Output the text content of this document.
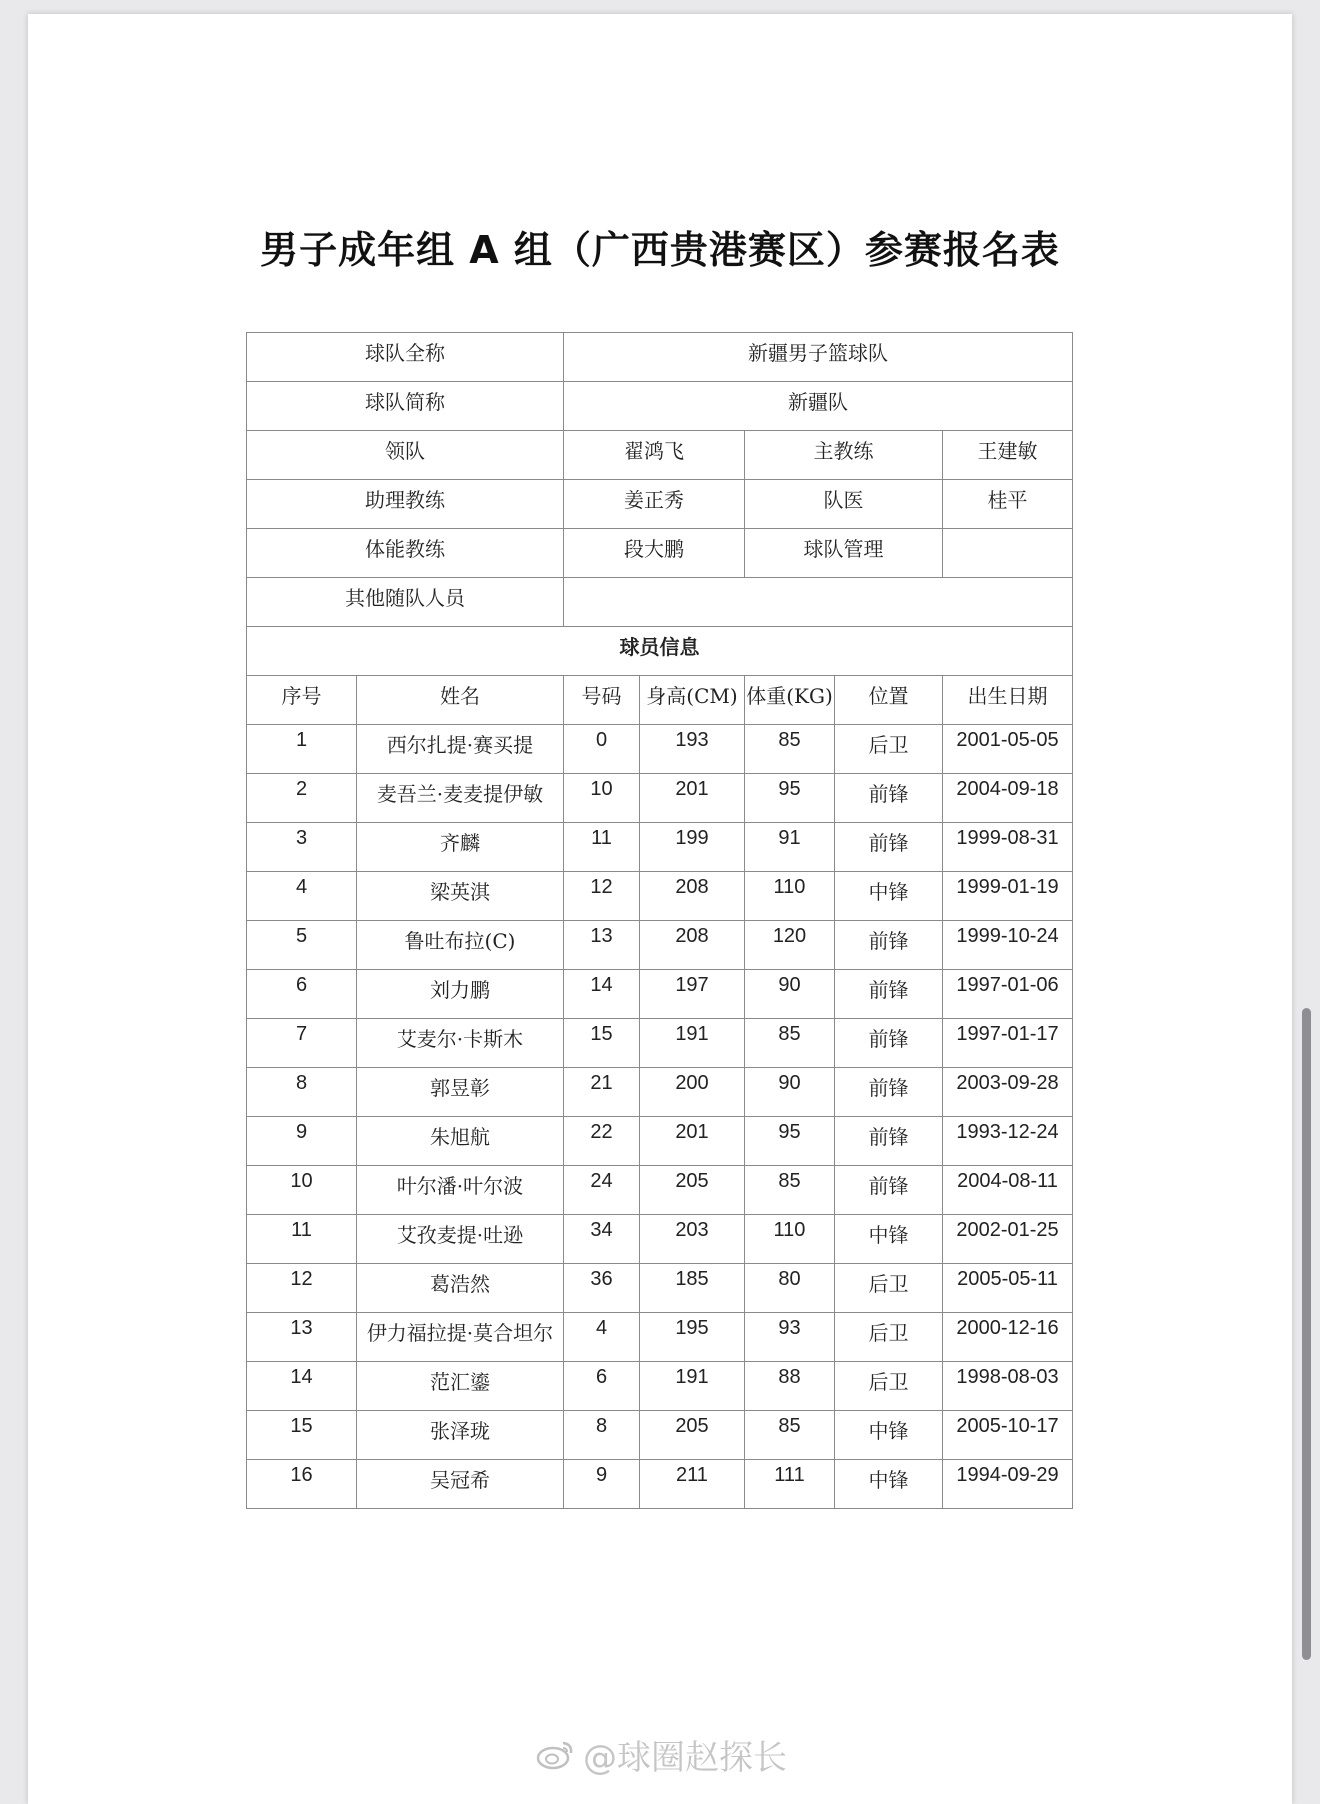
男子成年组 A 组（广西贵港赛区）参赛报名表
球队全称		新疆男子篮球队				
球队简称		新疆队				
领队		翟鸿飞		主教练		王建敏
助理教练		姜正秀		队医		桂平
体能教练		段大鹏		球队管理		
其他随队人员						
球员信息						
序号	姓名	号码	身高(CM)	体重(KG)	位置	出生日期
1	西尔扎提·赛买提	0	193	85	后卫	2001-05-05
2	麦吾兰·麦麦提伊敏	10	201	95	前锋	2004-09-18
3	齐麟	11	199	91	前锋	1999-08-31
4	梁英淇	12	208	110	中锋	1999-01-19
5	鲁吐布拉(C)	13	208	120	前锋	1999-10-24
6	刘力鹏	14	197	90	前锋	1997-01-06
7	艾麦尔·卡斯木	15	191	85	前锋	1997-01-17
8	郭昱彰	21	200	90	前锋	2003-09-28
9	朱旭航	22	201	95	前锋	1993-12-24
10	叶尔潘·叶尔波	24	205	85	前锋	2004-08-11
11	艾孜麦提·吐逊	34	203	110	中锋	2002-01-25
12	葛浩然	36	185	80	后卫	2005-05-11
13	伊力福拉提·莫合坦尔	4	195	93	后卫	2000-12-16
14	范汇鎏	6	191	88	后卫	1998-08-03
15	张泽珑	8	205	85	中锋	2005-10-17
16	吴冠希	9	211	111	中锋	1994-09-29
@球圈赵探长
